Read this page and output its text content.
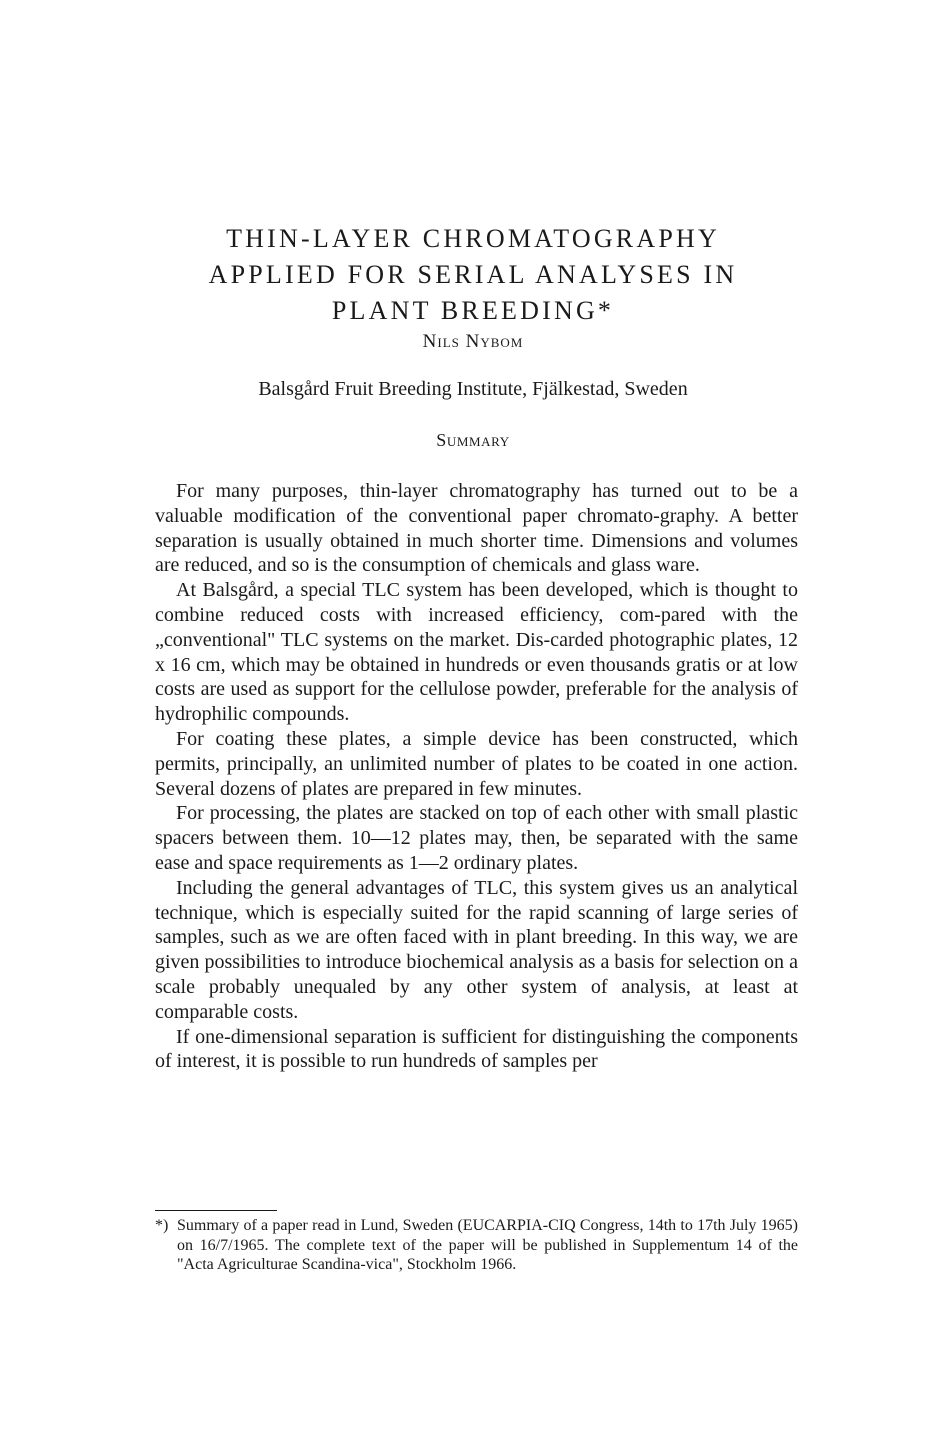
THIN-LAYER CHROMATOGRAPHY
APPLIED FOR SERIAL ANALYSES IN
PLANT BREEDING*
Nils Nybom
Balsgård Fruit Breeding Institute, Fjälkestad, Sweden
Summary

For many purposes, thin-layer chromatography has turned out to be a valuable modification of the conventional paper chromato-graphy. A better separation is usually obtained in much shorter time. Dimensions and volumes are reduced, and so is the consumption of chemicals and glass ware.

At Balsgård, a special TLC system has been developed, which is thought to combine reduced costs with increased efficiency, com-pared with the „conventional" TLC systems on the market. Dis-carded photographic plates, 12 x 16 cm, which may be obtained in hundreds or even thousands gratis or at low costs are used as support for the cellulose powder, preferable for the analysis of hydrophilic compounds.

For coating these plates, a simple device has been constructed, which permits, principally, an unlimited number of plates to be coated in one action. Several dozens of plates are prepared in few minutes.

For processing, the plates are stacked on top of each other with small plastic spacers between them. 10—12 plates may, then, be separated with the same ease and space requirements as 1—2 ordinary plates.

Including the general advantages of TLC, this system gives us an analytical technique, which is especially suited for the rapid scanning of large series of samples, such as we are often faced with in plant breeding. In this way, we are given possibilities to introduce biochemical analysis as a basis for selection on a scale probably unequaled by any other system of analysis, at least at comparable costs.

If one-dimensional separation is sufficient for distinguishing the components of interest, it is possible to run hundreds of samples per

*) Summary of a paper read in Lund, Sweden (EUCARPIA-CIQ Congress, 14th to 17th July 1965) on 16/7/1965. The complete text of the paper will be published in Supplementum 14 of the "Acta Agriculturae Scandina-vica", Stockholm 1966.
